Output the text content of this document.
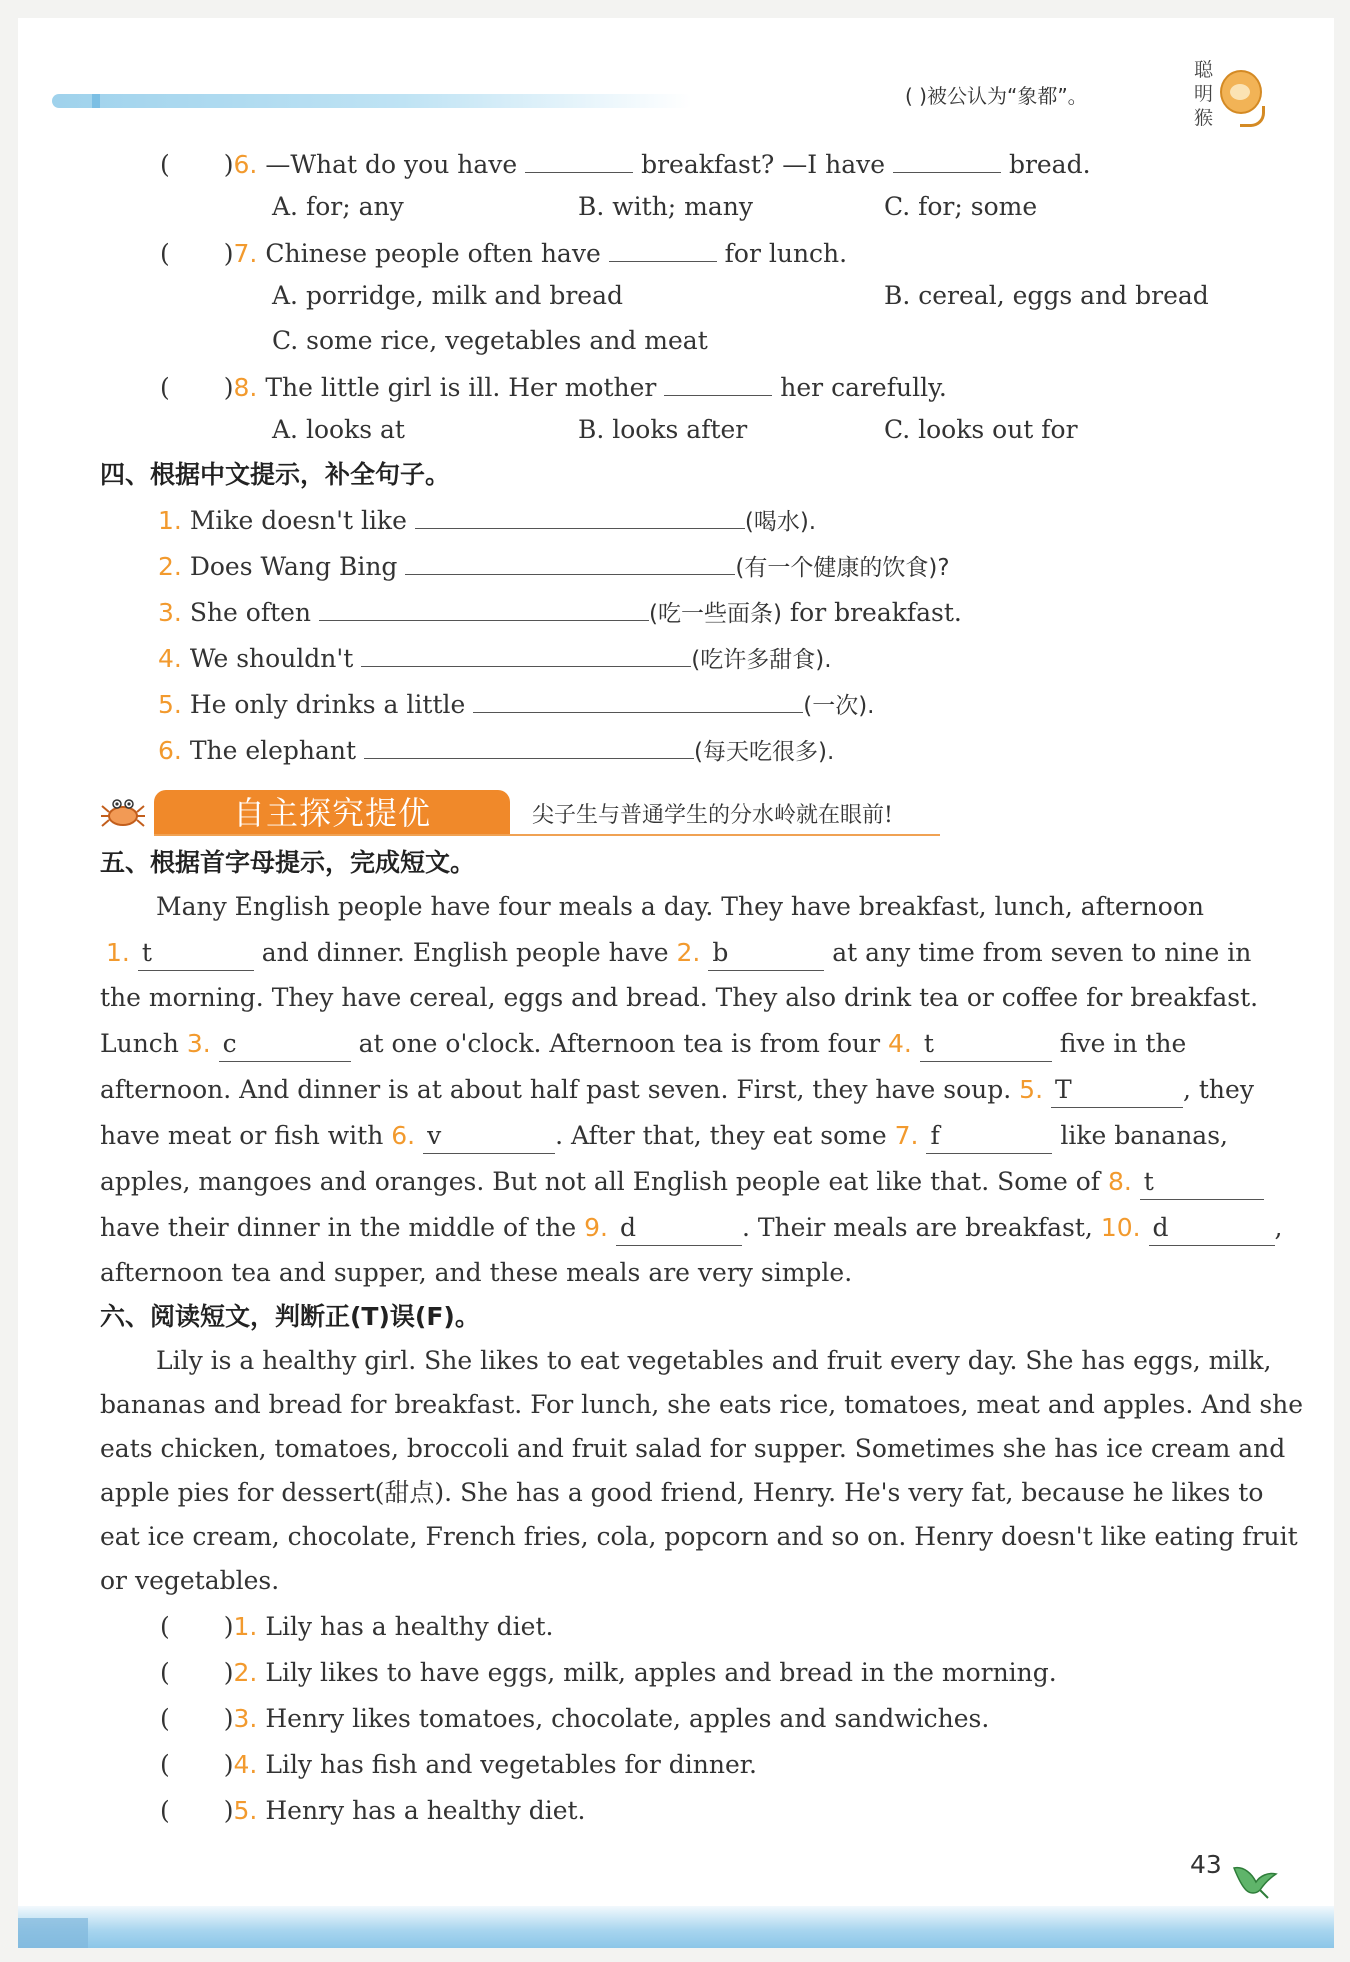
( )被公认为“象都”。
聪明猴
( )6. —What do you have	breakfast? —I have	bread.
A. for; any	B. with; many	C. for; some
( )7. Chinese people often have	for lunch.
A. porridge, milk and bread	B. cereal, eggs and bread
C. some rice, vegetables and meat
( )8. The little girl is ill. Her mother	her carefully.
A. looks at	B. looks after	C. looks out for
四、根据中文提示，补全句子。
1. Mike doesn't like	(喝水).
2. Does Wang Bing	(有一个健康的饮食)?
3. She often	(吃一些面条) for breakfast.
4. We shouldn't	(吃许多甜食).
5. He only drinks a little	(一次).
6. The elephant	(每天吃很多).
自主探究提优	尖子生与普通学生的分水岭就在眼前!
五、根据首字母提示，完成短文。
Many English people have four meals a day. They have breakfast, lunch, afternoon
1. t	and dinner. English people have 2. b	at any time from seven to nine in
the morning. They have cereal, eggs and bread. They also drink tea or coffee for breakfast.
Lunch 3. c	at one o'clock. Afternoon tea is from four 4. t	five in the
afternoon. And dinner is at about half past seven. First, they have soup. 5. T	, they
have meat or fish with 6. v	. After that, they eat some 7. f	like bananas,
apples, mangoes and oranges. But not all English people eat like that. Some of 8. t
have their dinner in the middle of the 9. d	. Their meals are breakfast, 10. d	,
afternoon tea and supper, and these meals are very simple.
六、阅读短文，判断正(T)误(F)。
Lily is a healthy girl. She likes to eat vegetables and fruit every day. She has eggs, milk,
bananas and bread for breakfast. For lunch, she eats rice, tomatoes, meat and apples. And she
eats chicken, tomatoes, broccoli and fruit salad for supper. Sometimes she has ice cream and
apple pies for dessert(甜点). She has a good friend, Henry. He's very fat, because he likes to
eat ice cream, chocolate, French fries, cola, popcorn and so on. Henry doesn't like eating fruit
or vegetables.
( )1. Lily has a healthy diet.
( )2. Lily likes to have eggs, milk, apples and bread in the morning.
( )3. Henry likes tomatoes, chocolate, apples and sandwiches.
( )4. Lily has fish and vegetables for dinner.
( )5. Henry has a healthy diet.
43
